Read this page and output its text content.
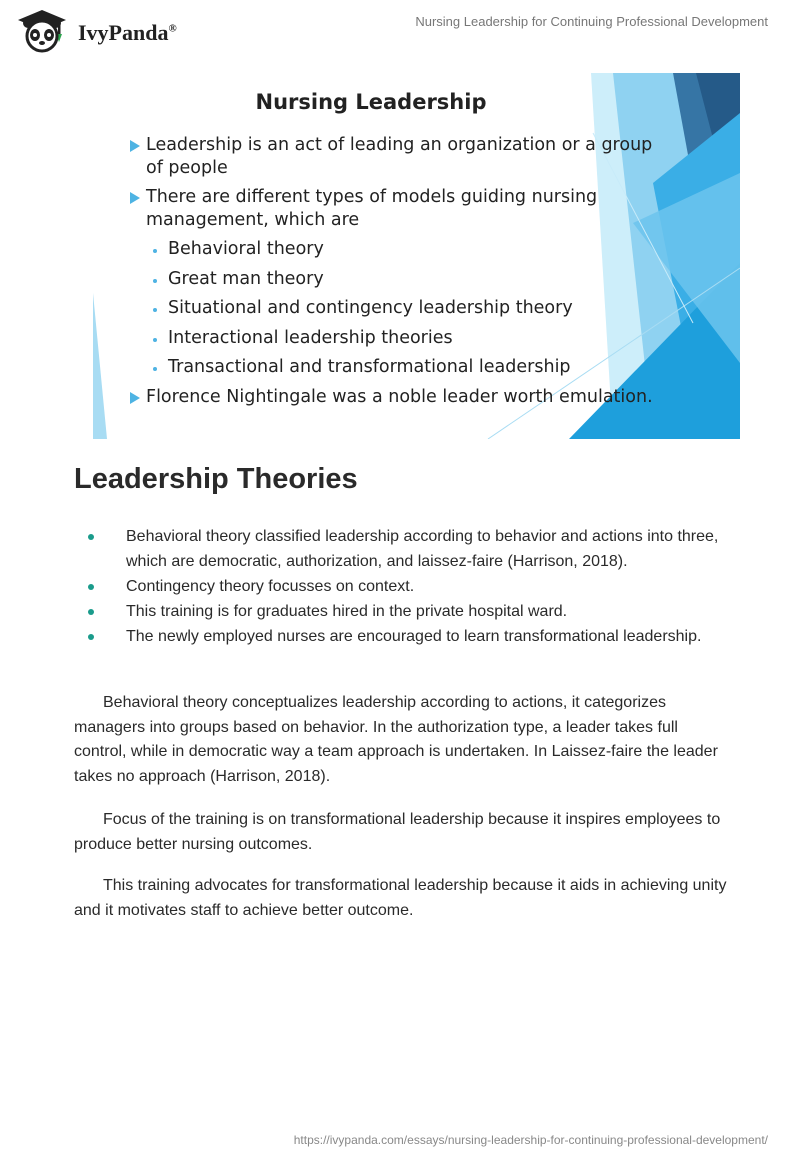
IvyPanda®	Nursing Leadership for Continuing Professional Development
Nursing Leadership
Leadership is an act of leading an organization or a group
of people
There are different types of models guiding nursing
management, which are
Behavioral theory
Great man theory
Situational and contingency leadership theory
Interactional leadership theories
Transactional and transformational leadership
Florence Nightingale was a noble leader worth emulation.
Leadership Theories
Behavioral theory classified leadership according to behavior and actions into three, which are democratic, authorization, and laissez-faire (Harrison, 2018).
Contingency theory focusses on context.
This training is for graduates hired in the private hospital ward.
The newly employed nurses are encouraged to learn transformational leadership.

Behavioral theory conceptualizes leadership according to actions, it categorizes managers into groups based on behavior. In the authorization type, a leader takes full control, while in democratic way a team approach is undertaken. In Laissez-faire the leader takes no approach (Harrison, 2018).

Focus of the training is on transformational leadership because it inspires employees to produce better nursing outcomes.

This training advocates for transformational leadership because it aids in achieving unity and it motivates staff to achieve better outcome.

https://ivypanda.com/essays/nursing-leadership-for-continuing-professional-development/
